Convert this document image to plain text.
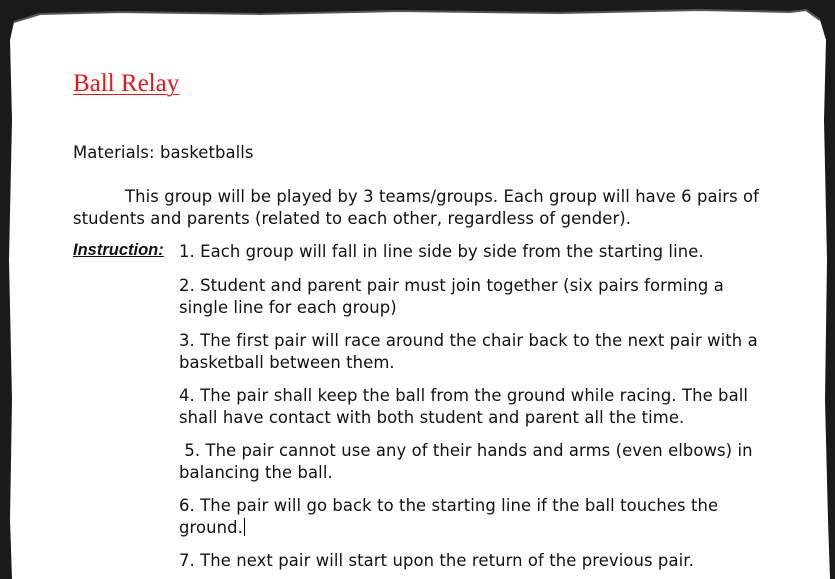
Ball Relay
Materials: basketballs
This group will be played by 3 teams/groups. Each group will have 6 pairs of students and parents (related to each other, regardless of gender).
Instruction: 1. Each group will fall in line side by side from the starting line.
2. Student and parent pair must join together (six pairs forming a single line for each group)
3. The first pair will race around the chair back to the next pair with a basketball between them.
4. The pair shall keep the ball from the ground while racing. The ball shall have contact with both student and parent all the time.
5. The pair cannot use any of their hands and arms (even elbows) in balancing the ball.
6. The pair will go back to the starting line if the ball touches the ground.
7. The next pair will start upon the return of the previous pair.
